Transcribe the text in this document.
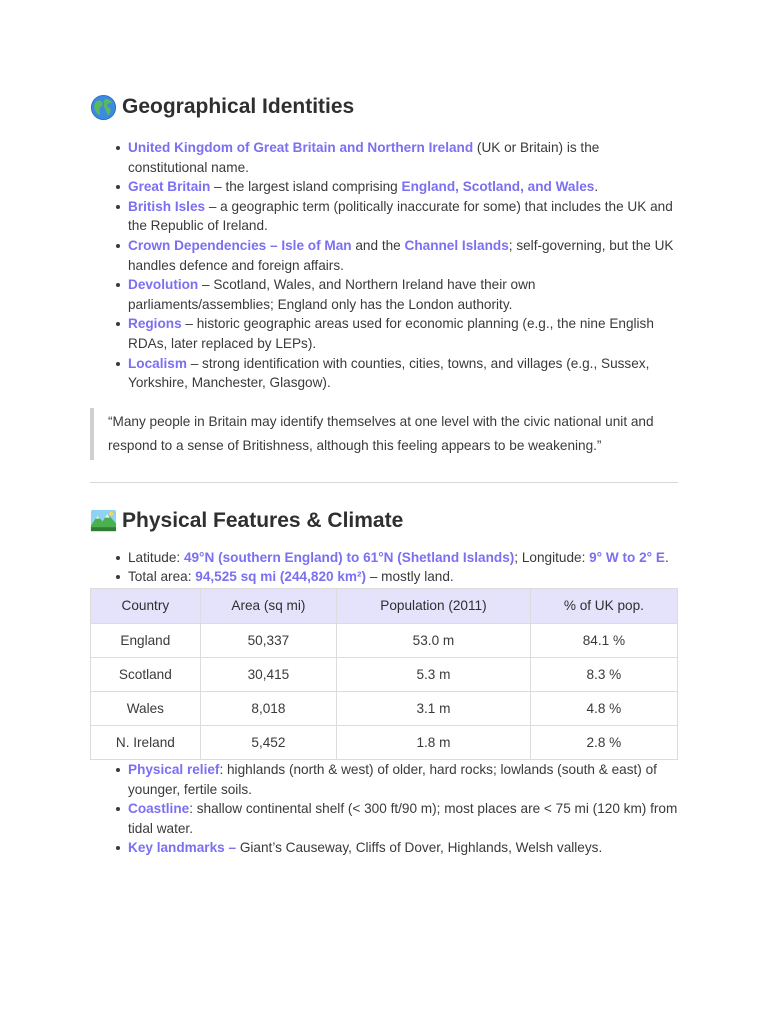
Geographical Identities
United Kingdom of Great Britain and Northern Ireland (UK or Britain) is the constitutional name.
Great Britain – the largest island comprising England, Scotland, and Wales.
British Isles – a geographic term (politically inaccurate for some) that includes the UK and the Republic of Ireland.
Crown Dependencies – Isle of Man and the Channel Islands; self-governing, but the UK handles defence and foreign affairs.
Devolution – Scotland, Wales, and Northern Ireland have their own parliaments/assemblies; England only has the London authority.
Regions – historic geographic areas used for economic planning (e.g., the nine English RDAs, later replaced by LEPs).
Localism – strong identification with counties, cities, towns, and villages (e.g., Sussex, Yorkshire, Manchester, Glasgow).
“Many people in Britain may identify themselves at one level with the civic national unit and respond to a sense of Britishness, although this feeling appears to be weakening.”
Physical Features & Climate
Latitude: 49°N (southern England) to 61°N (Shetland Islands); Longitude: 9° W to 2° E.
Total area: 94,525 sq mi (244,820 km²) – mostly land.
Country	Area (sq mi)	Population (2011)	% of UK pop.
England	50,337	53.0 m	84.1 %
Scotland	30,415	5.3 m	8.3 %
Wales	8,018	3.1 m	4.8 %
N. Ireland	5,452	1.8 m	2.8 %
Physical relief: highlands (north & west) of older, hard rocks; lowlands (south & east) of younger, fertile soils.
Coastline: shallow continental shelf (< 300 ft/90 m); most places are < 75 mi (120 km) from tidal water.
Key landmarks – Giant’s Causeway, Cliffs of Dover, Highlands, Welsh valleys.
